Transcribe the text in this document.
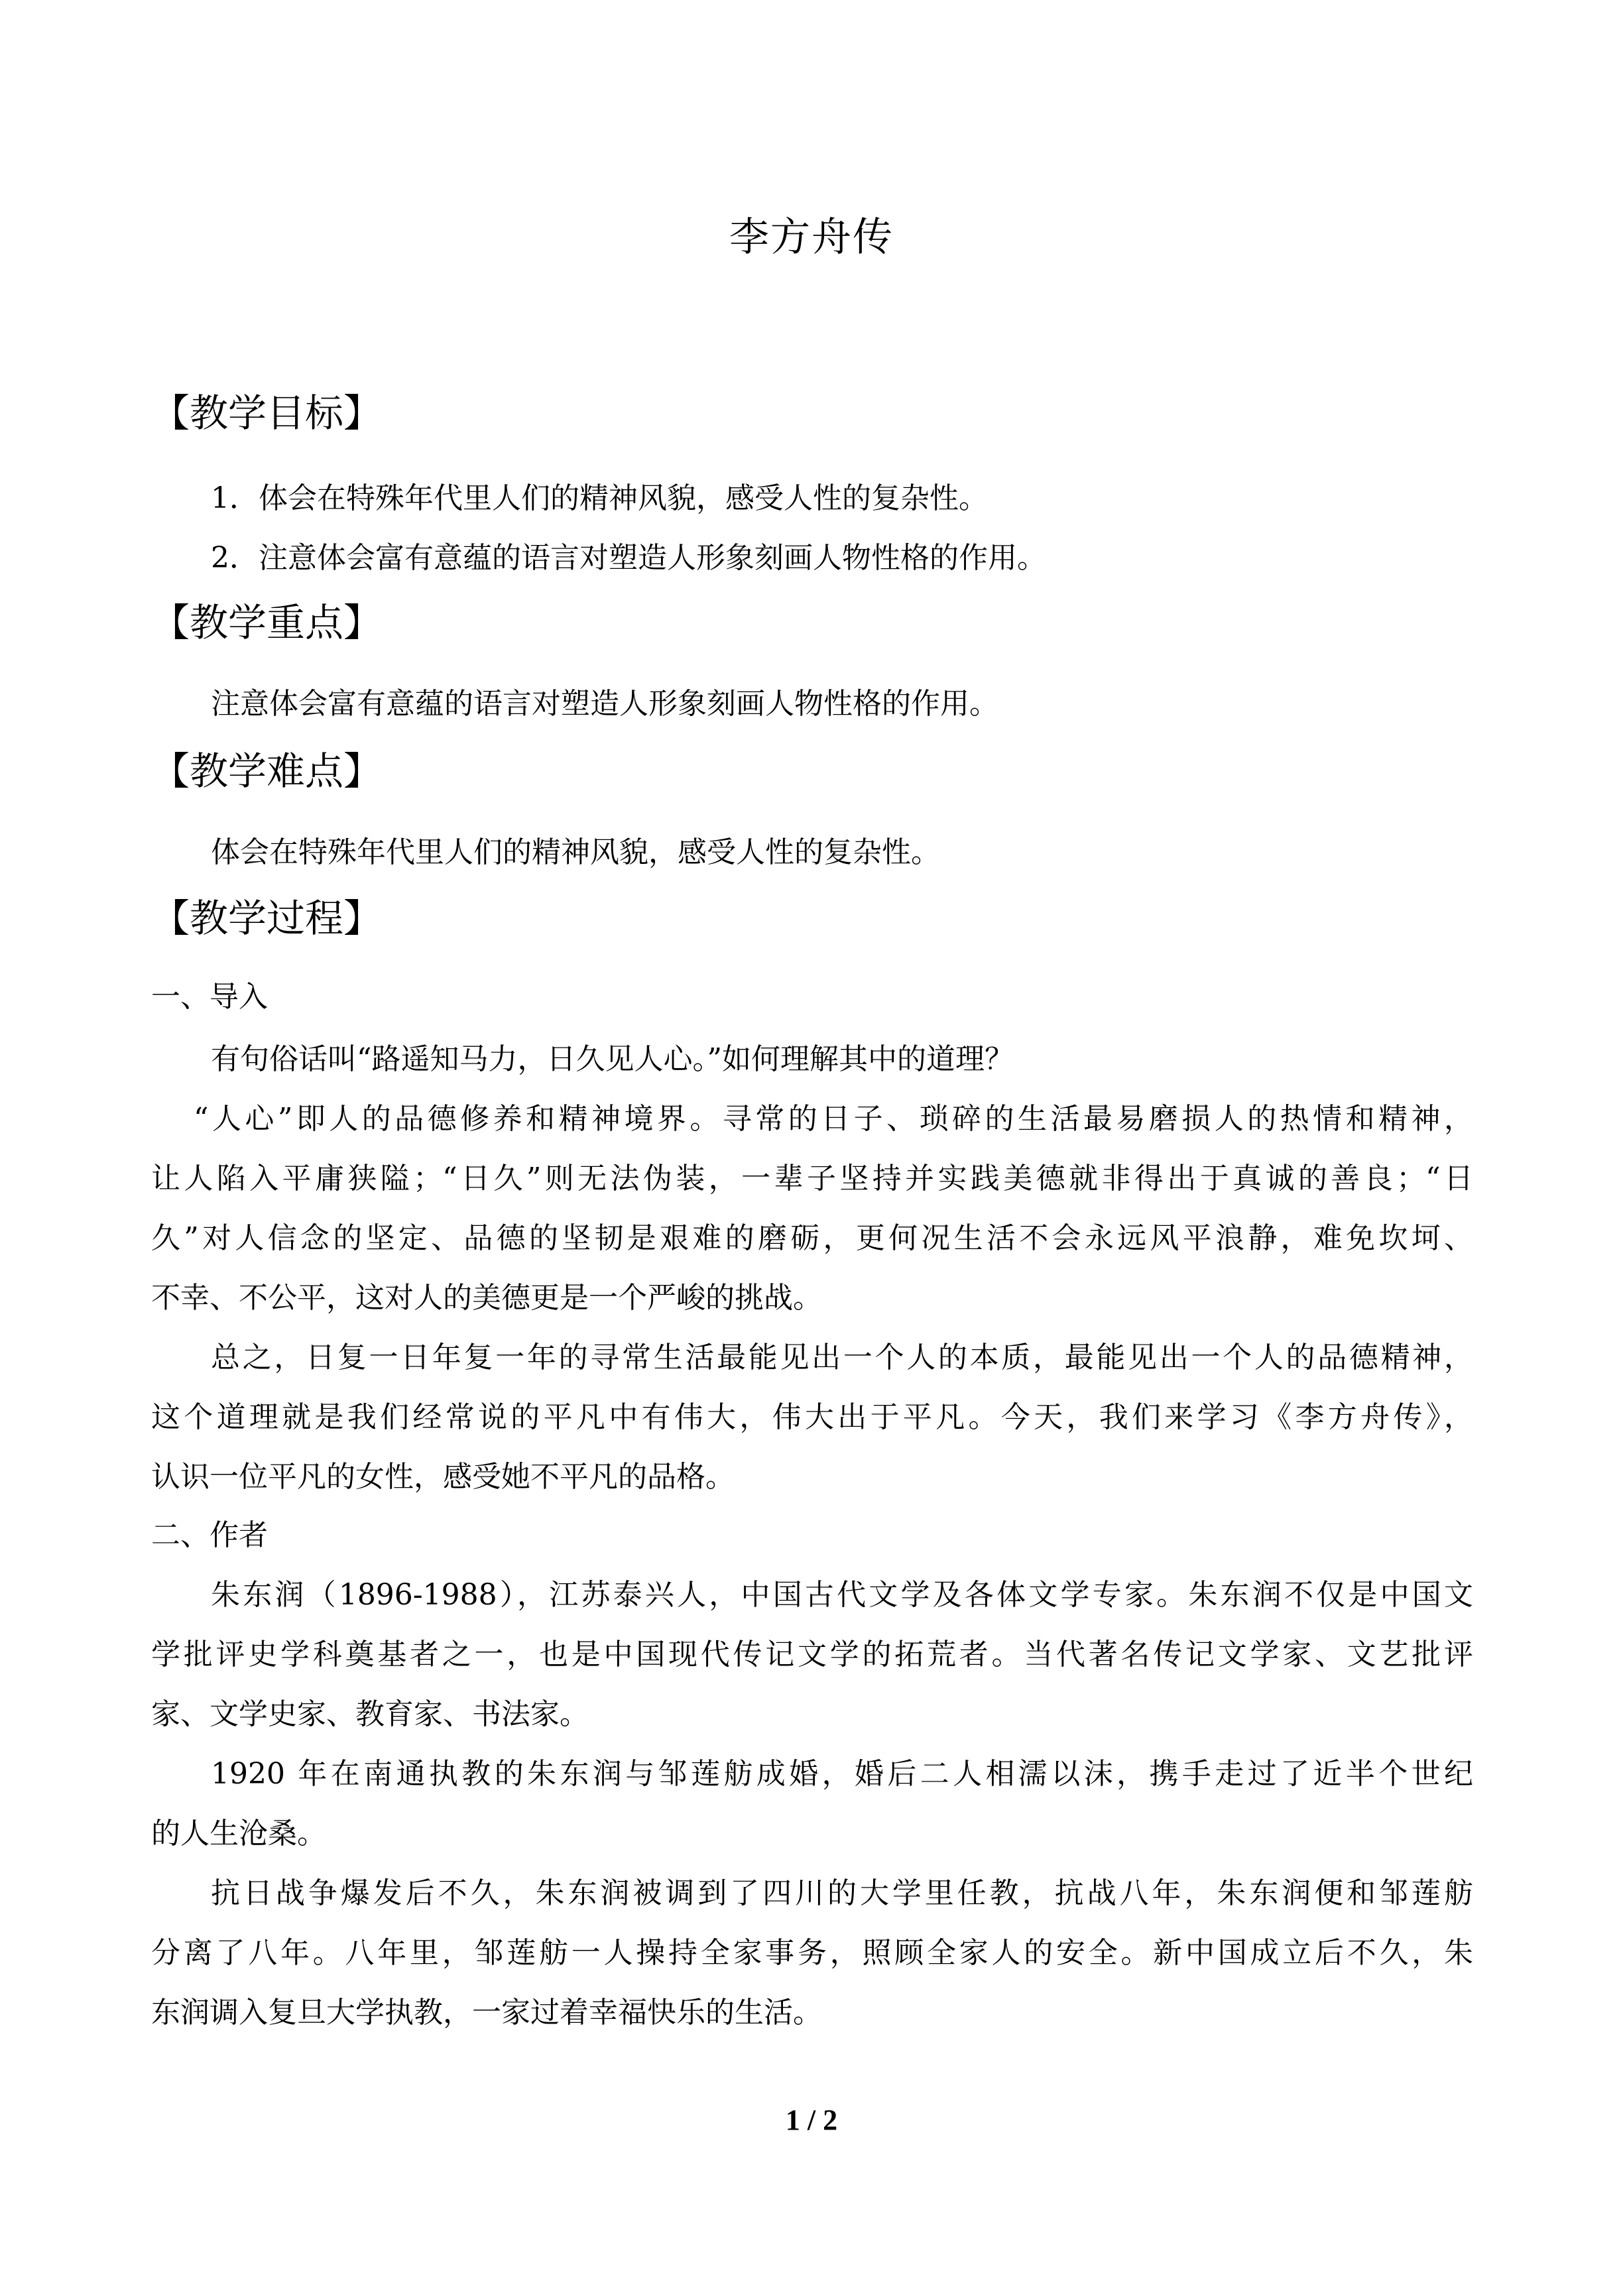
李方舟传
【教学目标】
1．体会在特殊年代里人们的精神风貌，感受人性的复杂性。
2．注意体会富有意蕴的语言对塑造人形象刻画人物性格的作用。
【教学重点】
注意体会富有意蕴的语言对塑造人形象刻画人物性格的作用。
【教学难点】
体会在特殊年代里人们的精神风貌，感受人性的复杂性。
【教学过程】
一、导入
有句俗话叫“路遥知马力，日久见人心。”如何理解其中的道理？
“人心”即人的品德修养和精神境界。寻常的日子、琐碎的生活最易磨损人的热情和精神，
让人陷入平庸狭隘；“日久”则无法伪装，一辈子坚持并实践美德就非得出于真诚的善良；“日
久”对人信念的坚定、品德的坚韧是艰难的磨砺，更何况生活不会永远风平浪静，难免坎坷、
不幸、不公平，这对人的美德更是一个严峻的挑战。
总之，日复一日年复一年的寻常生活最能见出一个人的本质，最能见出一个人的品德精神，
这个道理就是我们经常说的平凡中有伟大，伟大出于平凡。今天，我们来学习《李方舟传》，
认识一位平凡的女性，感受她不平凡的品格。
二、作者
朱东润（1896-1988），江苏泰兴人，中国古代文学及各体文学专家。朱东润不仅是中国文
学批评史学科奠基者之一，也是中国现代传记文学的拓荒者。当代著名传记文学家、文艺批评
家、文学史家、教育家、书法家。
1920 年在南通执教的朱东润与邹莲舫成婚，婚后二人相濡以沫，携手走过了近半个世纪
的人生沧桑。
抗日战争爆发后不久，朱东润被调到了四川的大学里任教，抗战八年，朱东润便和邹莲舫
分离了八年。八年里，邹莲舫一人操持全家事务，照顾全家人的安全。新中国成立后不久，朱
东润调入复旦大学执教，一家过着幸福快乐的生活。
1 / 2
